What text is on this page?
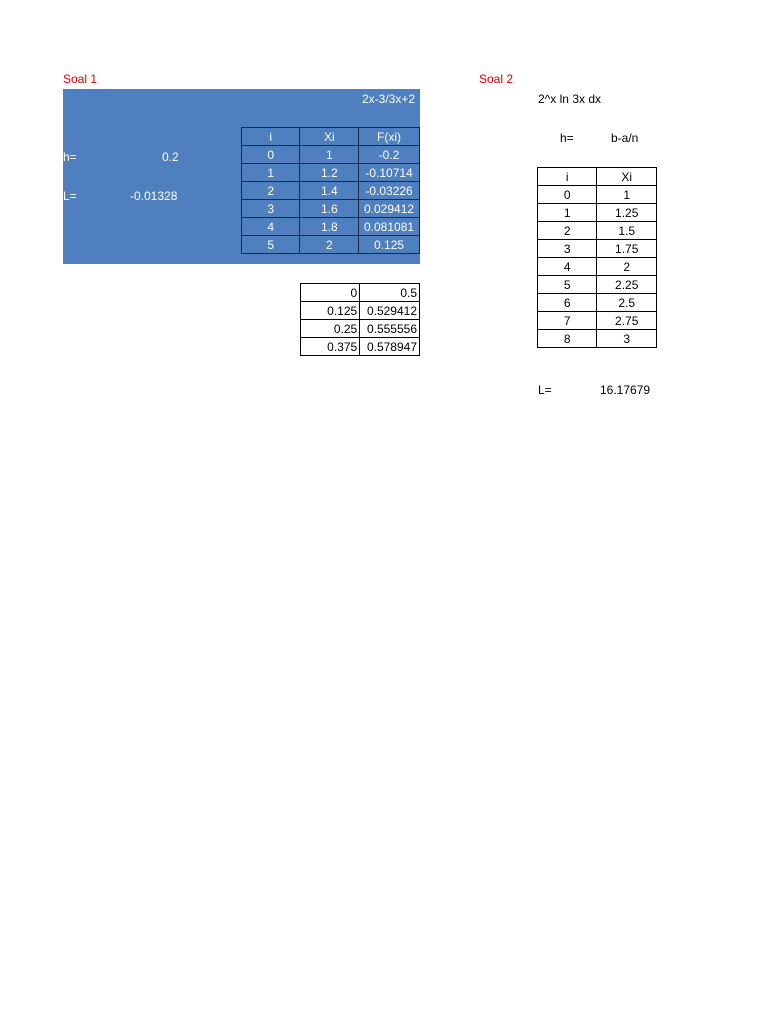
Soal 1
2x-3/3x+2
h=	0.2
L=	-0.01328
i	Xi	F(xi)
0	1	-0.2
1	1.2	-0.10714
2	1.4	-0.03226
3	1.6	0.029412
4	1.8	0.081081
5	2	0.125
0	0.5
0.125	0.529412
0.25	0.555556
0.375	0.578947
Soal 2
2^x ln 3x dx
h=	b-a/n
i	Xi
0	1
1	1.25
2	1.5
3	1.75
4	2
5	2.25
6	2.5
7	2.75
8	3
L=	16.17679
